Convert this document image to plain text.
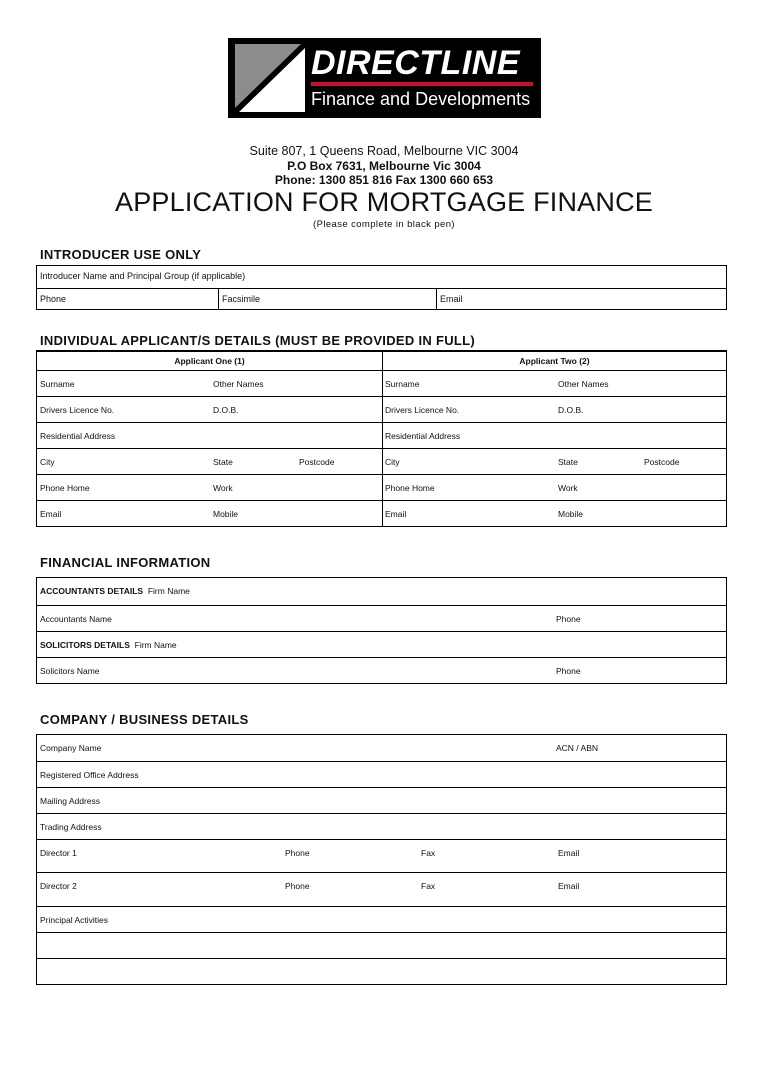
DIRECTLINE
Finance and Developments
Suite 807, 1 Queens Road, Melbourne VIC 3004
P.O Box 7631, Melbourne Vic 3004
Phone: 1300 851 816 Fax 1300 660 653
APPLICATION FOR MORTGAGE FINANCE
(Please complete in black pen)
INTRODUCER USE ONLY
Introducer Name and Principal Group (if applicable)
Phone	Facsimile	Email
INDIVIDUAL APPLICANT/S DETAILS (MUST BE PROVIDED IN FULL)
Applicant One (1)	Applicant Two (2)
Surname	Other Names	Surname	Other Names
Drivers Licence No.	D.O.B.	Drivers Licence No.	D.O.B.
Residential Address	Residential Address
City	State	Postcode	City	State	Postcode
Phone Home	Work	Phone Home	Work
Email	Mobile	Email	Mobile
FINANCIAL INFORMATION
ACCOUNTANTS DETAILS Firm Name
Accountants Name	Phone
SOLICITORS DETAILS Firm Name
Solicitors Name	Phone
COMPANY / BUSINESS DETAILS
Company Name	ACN / ABN
Registered Office Address
Mailing Address
Trading Address
Director 1	Phone	Fax	Email
Director 2	Phone	Fax	Email
Principal Activities
